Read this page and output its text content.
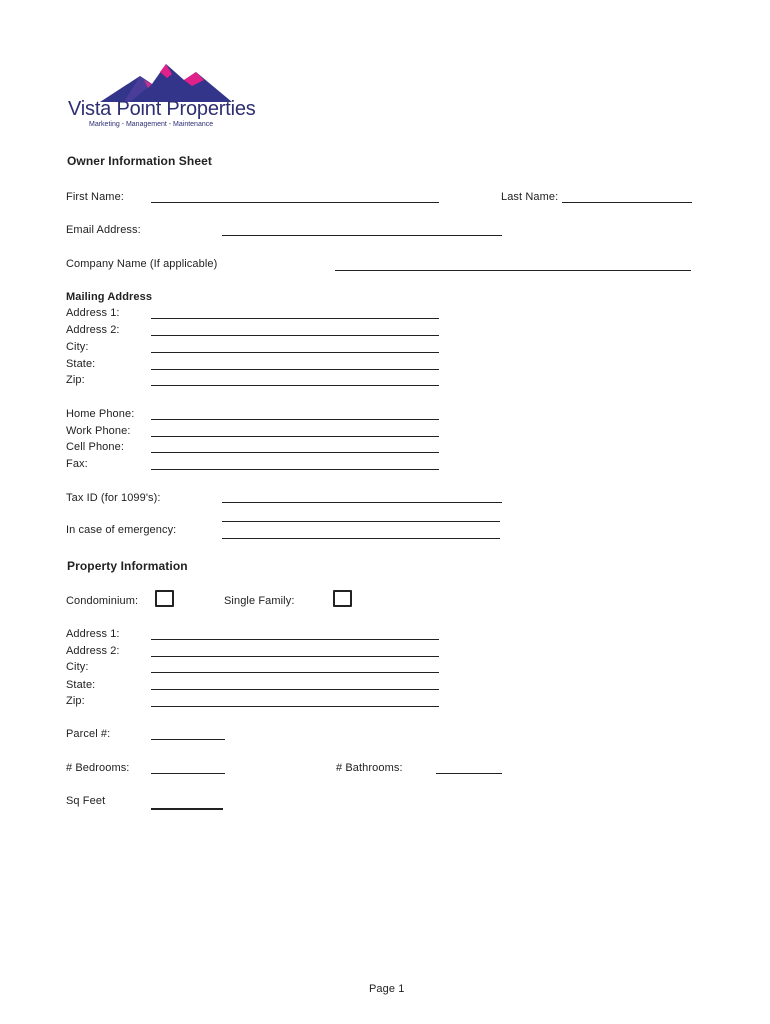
Vista Point Properties
Marketing - Management - Maintenance
Owner Information Sheet
First Name:	Last Name:
Email Address:
Company Name (If applicable)
Mailing Address
Address 1:
Address 2:
City:
State:
Zip:
Home Phone:
Work Phone:
Cell Phone:
Fax:
Tax ID (for 1099's):
In case of emergency:
Property Information
Condominium:	Single Family:
Address 1:
Address 2:
City:
State:
Zip:
Parcel #:
# Bedrooms:	# Bathrooms:
Sq Feet
Page 1
